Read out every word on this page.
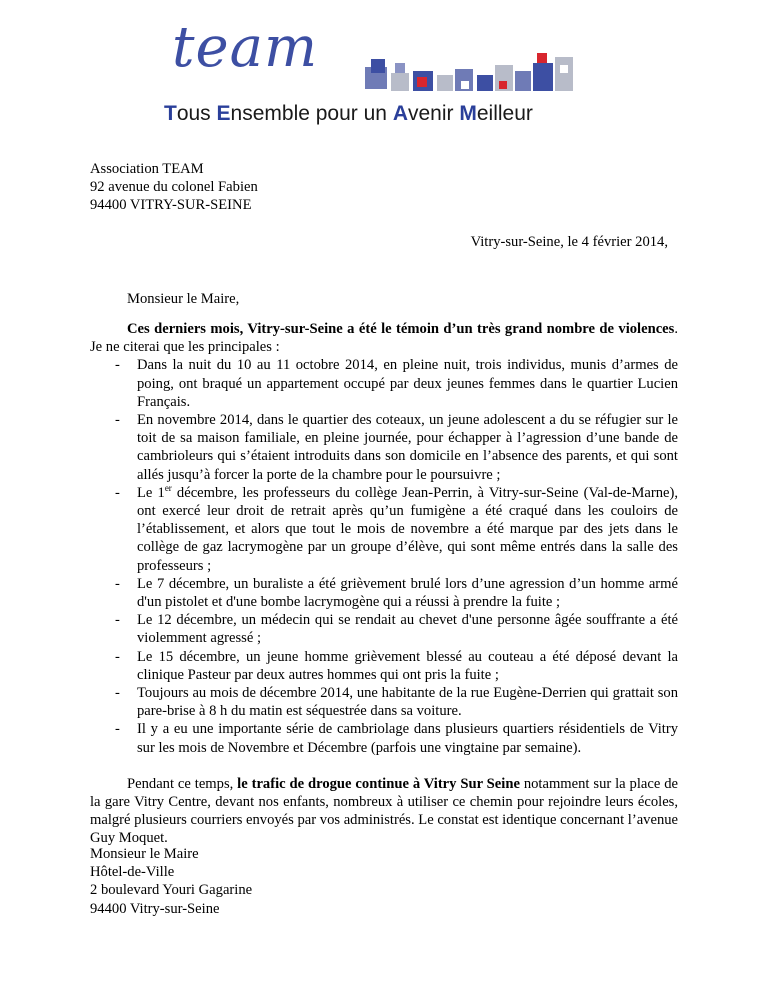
team
Tous Ensemble pour un Avenir Meilleur
Association TEAM
92 avenue du colonel Fabien
94400 VITRY-SUR-SEINE
Vitry-sur-Seine, le 4 février 2014,
Monsieur le Maire,

Ces derniers mois, Vitry-sur-Seine a été le témoin d’un très grand nombre de violences. Je ne citerai que les principales :

- Dans la nuit du 10 au 11 octobre 2014, en pleine nuit, trois individus, munis d’armes de poing, ont braqué un appartement occupé par deux jeunes femmes dans le quartier Lucien Français.
- En novembre 2014, dans le quartier des coteaux, un jeune adolescent a du se réfugier sur le toit de sa maison familiale, en pleine journée, pour échapper à l’agression d’une bande de cambrioleurs qui s’étaient introduits dans son domicile en l’absence des parents, et qui sont allés jusqu’à forcer la porte de la chambre pour le poursuivre ;
- Le 1er décembre, les professeurs du collège Jean-Perrin, à Vitry-sur-Seine (Val-de-Marne), ont exercé leur droit de retrait après qu’un fumigène a été craqué dans les couloirs de l’établissement, et alors que tout le mois de novembre a été marque par des jets dans le collège de gaz lacrymogène par un groupe d’élève, qui sont même entrés dans la salle des professeurs ;
- Le 7 décembre, un buraliste a été grièvement brulé lors d’une agression d’un homme armé d'un pistolet et d'une bombe lacrymogène qui a réussi à prendre la fuite ;
- Le 12 décembre, un médecin qui se rendait au chevet d'une personne âgée souffrante a été violemment agressé ;
- Le 15 décembre, un jeune homme grièvement blessé au couteau a été déposé devant la clinique Pasteur par deux autres hommes qui ont pris la fuite ;
- Toujours au mois de décembre 2014, une habitante de la rue Eugène-Derrien qui grattait son pare-brise à 8 h du matin est séquestrée dans sa voiture.
- Il y a eu une importante série de cambriolage dans plusieurs quartiers résidentiels de Vitry sur les mois de Novembre et Décembre (parfois une vingtaine par semaine).

Pendant ce temps, le trafic de drogue continue à Vitry Sur Seine notamment sur la place de la gare Vitry Centre, devant nos enfants, nombreux à utiliser ce chemin pour rejoindre leurs écoles, malgré plusieurs courriers envoyés par vos administrés. Le constat est identique concernant l’avenue Guy Moquet.

Monsieur le Maire
Hôtel-de-Ville
2 boulevard Youri Gagarine
94400 Vitry-sur-Seine
